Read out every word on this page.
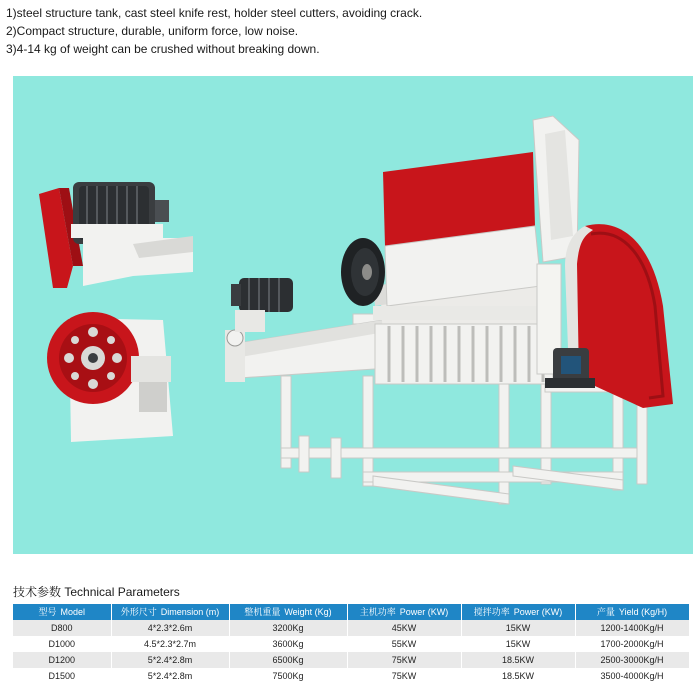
1)steel structure tank, cast steel knife rest, holder steel cutters, avoiding crack.
2)Compact structure, durable, uniform force, low noise.
3)4-14 kg of weight can be crushed without breaking down.
技术参数 Technical Parameters
型号 Model	外形尺寸 Dimension (m)	整机重量 Weight (Kg)	主机功率 Power (KW)	搅拌功率 Power (KW)	产量 Yield (Kg/H)
D800	4*2.3*2.6m	3200Kg	45KW	15KW	1200-1400Kg/H
D1000	4.5*2.3*2.7m	3600Kg	55KW	15KW	1700-2000Kg/H
D1200	5*2.4*2.8m	6500Kg	75KW	18.5KW	2500-3000Kg/H
D1500	5*2.4*2.8m	7500Kg	75KW	18.5KW	3500-4000Kg/H
